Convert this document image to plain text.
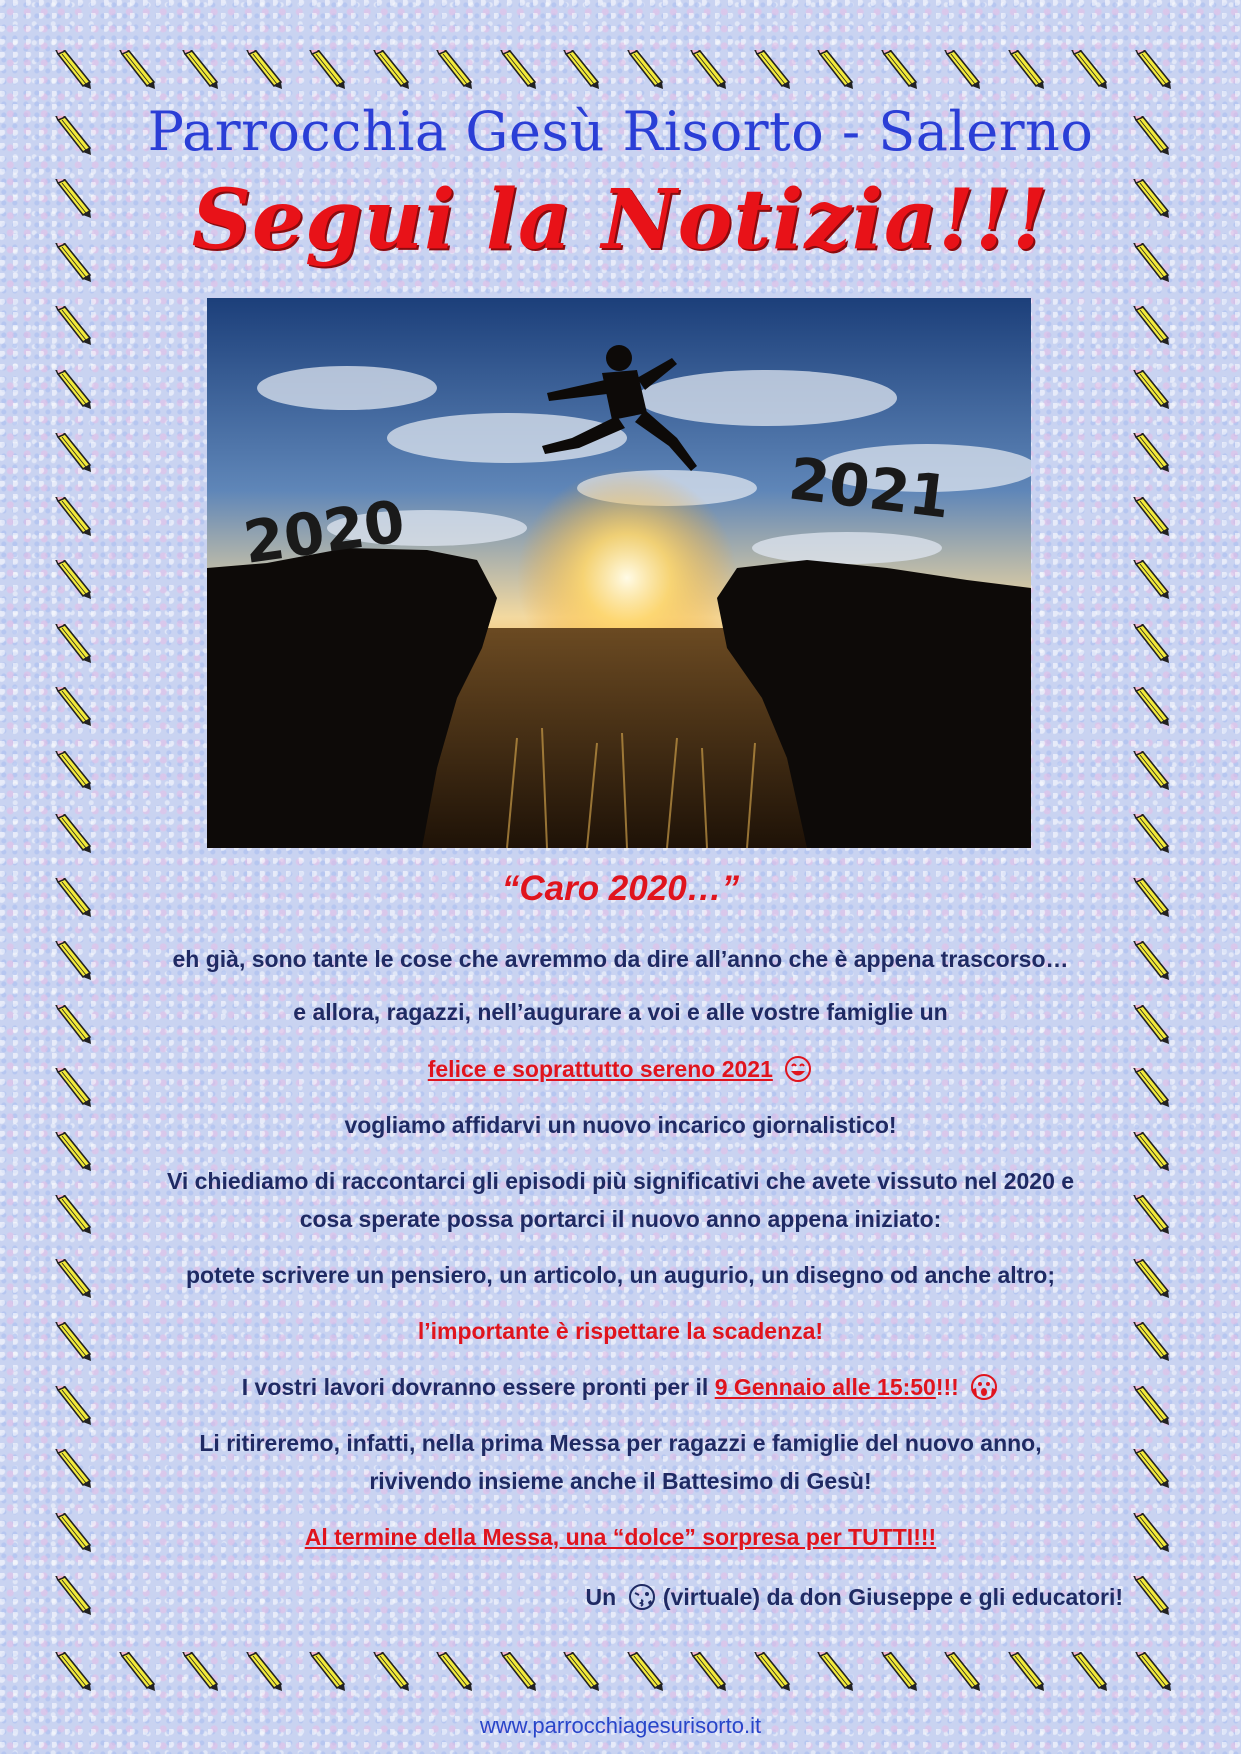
Parrocchia Gesù Risorto - Salerno
Segui la Notizia!!!
2020	2021
“Caro 2020…”
eh già, sono tante le cose che avremmo da dire all’anno che è appena trascorso…
e allora, ragazzi, nell’augurare a voi e alle vostre famiglie un
felice e soprattutto sereno 2021
vogliamo affidarvi un nuovo incarico giornalistico!
Vi chiediamo di raccontarci gli episodi più significativi che avete vissuto nel 2020 e
cosa sperate possa portarci il nuovo anno appena iniziato:
potete scrivere un pensiero, un articolo, un augurio, un disegno od anche altro;
l’importante è rispettare la scadenza!
I vostri lavori dovranno essere pronti per il 9 Gennaio alle 15:50!!!
Li ritireremo, infatti, nella prima Messa per ragazzi e famiglie del nuovo anno,
rivivendo insieme anche il Battesimo di Gesù!
Al termine della Messa, una “dolce” sorpresa per TUTTI!!!
Un (virtuale) da don Giuseppe e gli educatori!
www.parrocchiagesurisorto.it
